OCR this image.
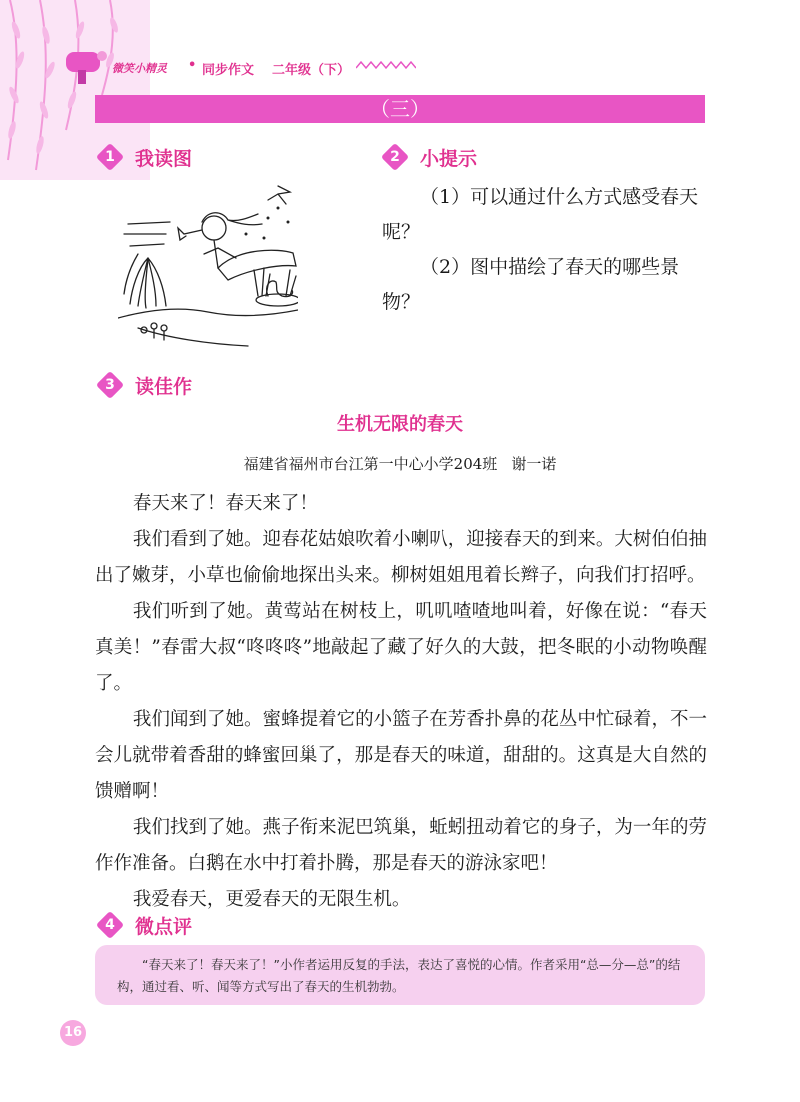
微笑小精灵 • 同步作文 二年级（下）
（三）
1	我读图	2	小提示

（1）可以通过什么方式感受春天呢？

（2）图中描绘了春天的哪些景物？

3	读佳作
生机无限的春天
福建省福州市台江第一中心小学204班 谢一诺

春天来了！春天来了！

我们看到了她。迎春花姑娘吹着小喇叭，迎接春天的到来。大树伯伯抽出了嫩芽，小草也偷偷地探出头来。柳树姐姐甩着长辫子，向我们打招呼。

我们听到了她。黄莺站在树枝上，叽叽喳喳地叫着，好像在说：“春天真美！”春雷大叔“咚咚咚”地敲起了藏了好久的大鼓，把冬眠的小动物唤醒了。

我们闻到了她。蜜蜂提着它的小篮子在芳香扑鼻的花丛中忙碌着，不一会儿就带着香甜的蜂蜜回巢了，那是春天的味道，甜甜的。这真是大自然的馈赠啊！

我们找到了她。燕子衔来泥巴筑巢，蚯蚓扭动着它的身子，为一年的劳作作准备。白鹅在水中打着扑腾，那是春天的游泳家吧！

我爱春天，更爱春天的无限生机。

4	微点评
“春天来了！春天来了！”小作者运用反复的手法，表达了喜悦的心情。作者采用“总—分—总”的结构，通过看、听、闻等方式写出了春天的生机勃勃。
16
